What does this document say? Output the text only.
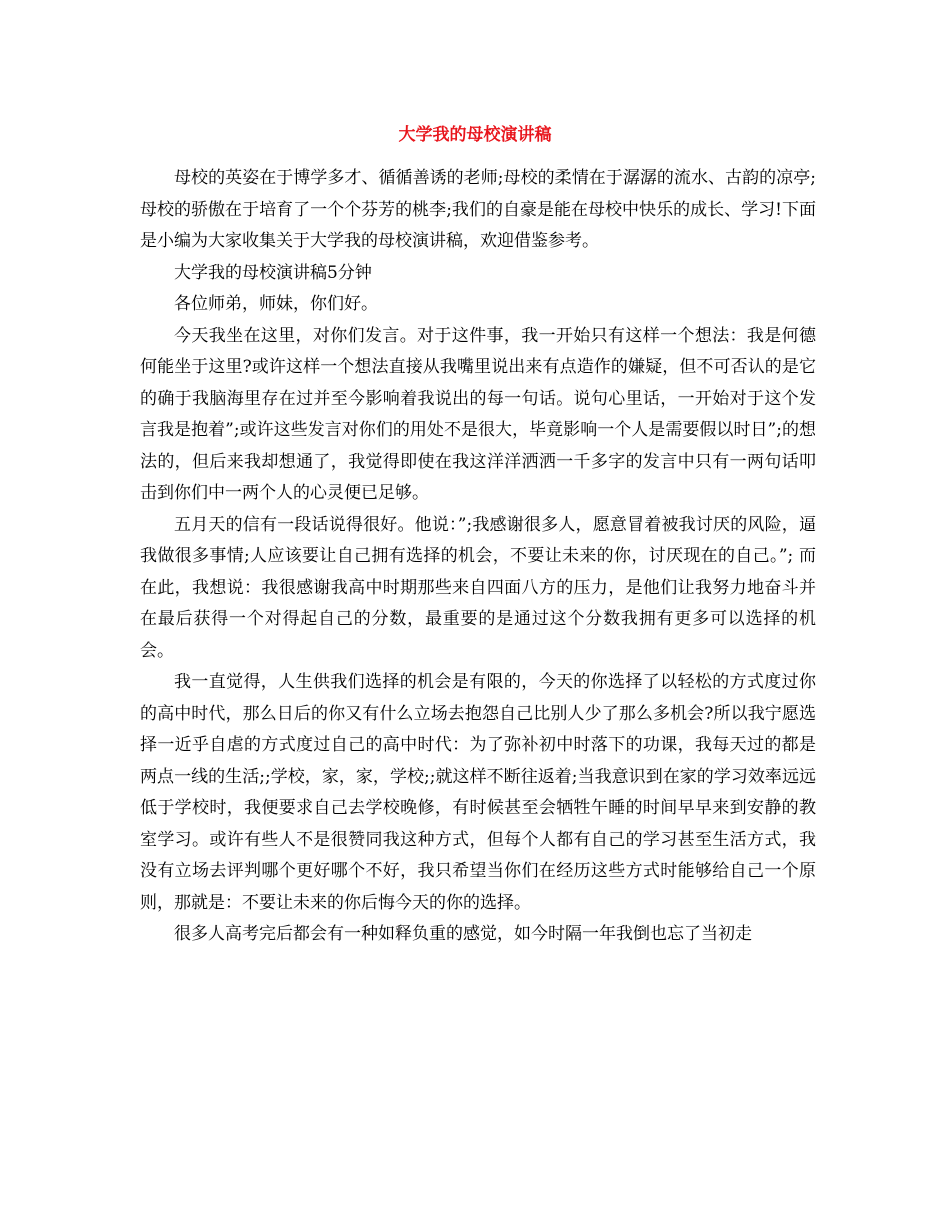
大学我的母校演讲稿

母校的英姿在于博学多才、循循善诱的老师;母校的柔情在于潺潺的流水、古韵的凉亭;母校的骄傲在于培育了一个个芬芳的桃李;我们的自豪是能在母校中快乐的成长、学习!下面是小编为大家收集关于大学我的母校演讲稿，欢迎借鉴参考。

大学我的母校演讲稿5分钟

各位师弟，师妹，你们好。

今天我坐在这里，对你们发言。对于这件事，我一开始只有这样一个想法：我是何德何能坐于这里?或许这样一个想法直接从我嘴里说出来有点造作的嫌疑，但不可否认的是它的确于我脑海里存在过并至今影响着我说出的每一句话。说句心里话，一开始对于这个发言我是抱着”;或许这些发言对你们的用处不是很大，毕竟影响一个人是需要假以时日”;的想法的，但后来我却想通了，我觉得即使在我这洋洋洒洒一千多字的发言中只有一两句话叩击到你们中一两个人的心灵便已足够。

五月天的信有一段话说得很好。他说：”;我感谢很多人，愿意冒着被我讨厌的风险，逼我做很多事情;人应该要让自己拥有选择的机会，不要让未来的你，讨厌现在的自己。”; 而在此，我想说：我很感谢我高中时期那些来自四面八方的压力，是他们让我努力地奋斗并在最后获得一个对得起自己的分数，最重要的是通过这个分数我拥有更多可以选择的机会。

我一直觉得，人生供我们选择的机会是有限的，今天的你选择了以轻松的方式度过你的高中时代，那么日后的你又有什么立场去抱怨自己比别人少了那么多机会?所以我宁愿选择一近乎自虐的方式度过自己的高中时代：为了弥补初中时落下的功课，我每天过的都是两点一线的生活;;学校，家，家，学校;;就这样不断往返着;当我意识到在家的学习效率远远低于学校时，我便要求自己去学校晚修，有时候甚至会牺牲午睡的时间早早来到安静的教室学习。或许有些人不是很赞同我这种方式，但每个人都有自己的学习甚至生活方式，我没有立场去评判哪个更好哪个不好，我只希望当你们在经历这些方式时能够给自己一个原则，那就是：不要让未来的你后悔今天的你的选择。

很多人高考完后都会有一种如释负重的感觉，如今时隔一年我倒也忘了当初走
